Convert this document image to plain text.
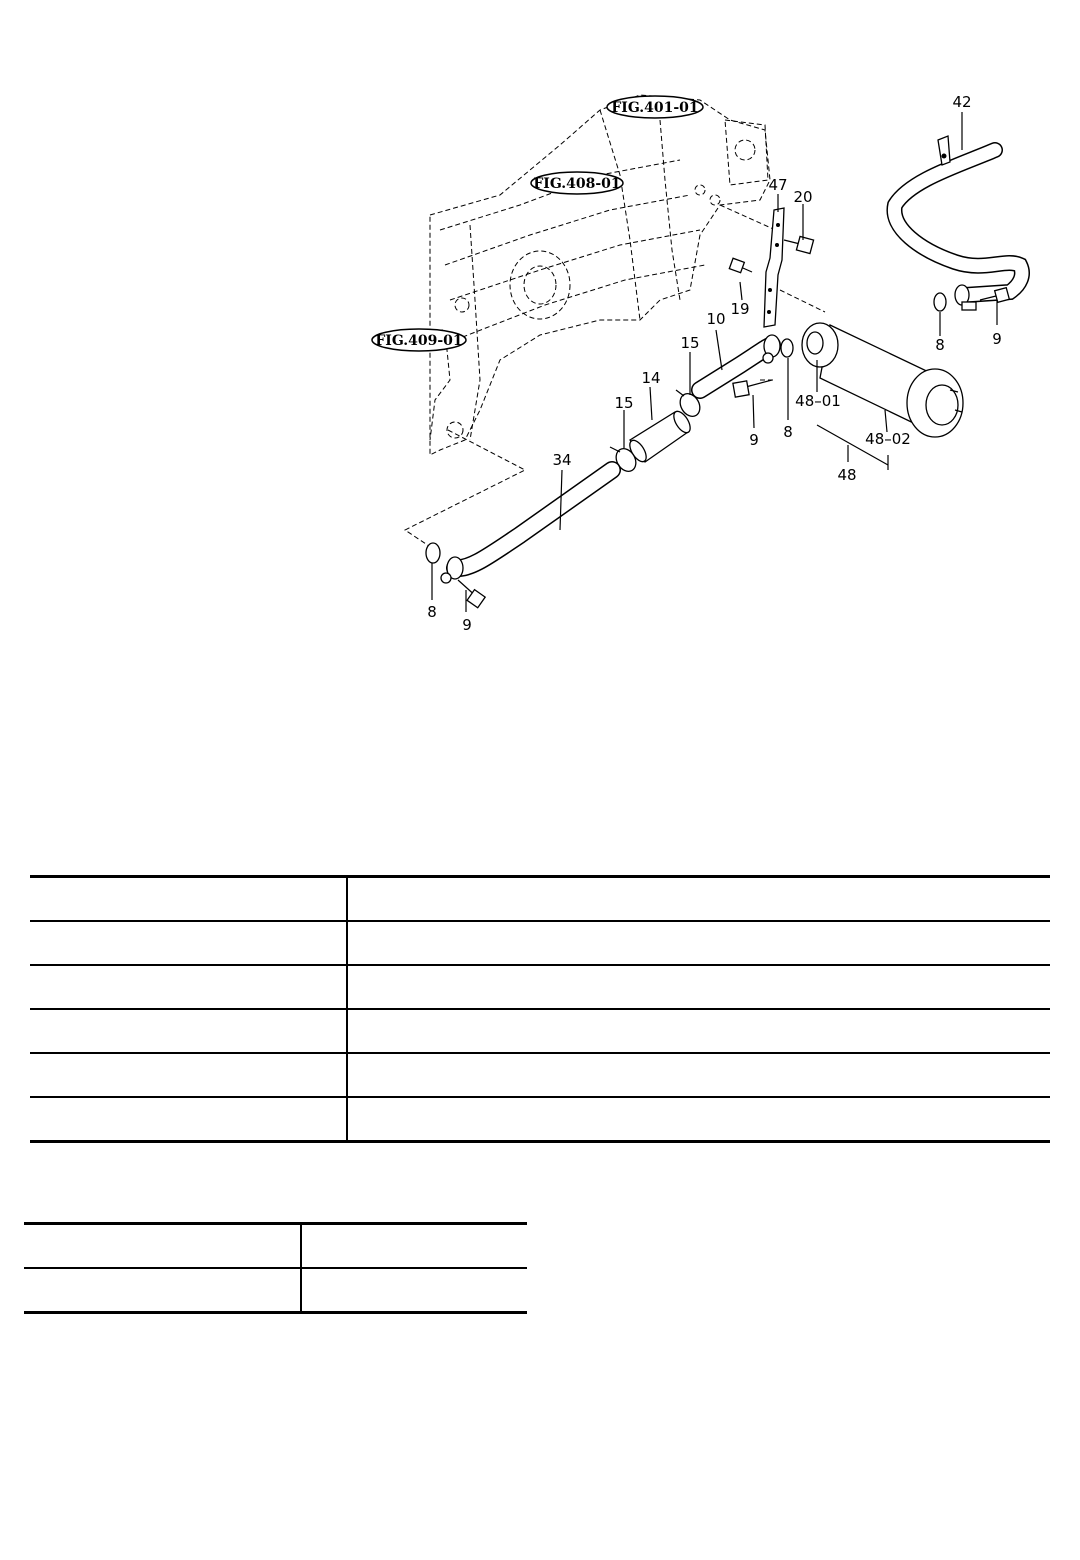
FIG.401-01
FIG.408-01
FIG.409-01
42
47
20
19
10
15
14
15
34
8
9
8	9
8
9
48–01
48–02
48
